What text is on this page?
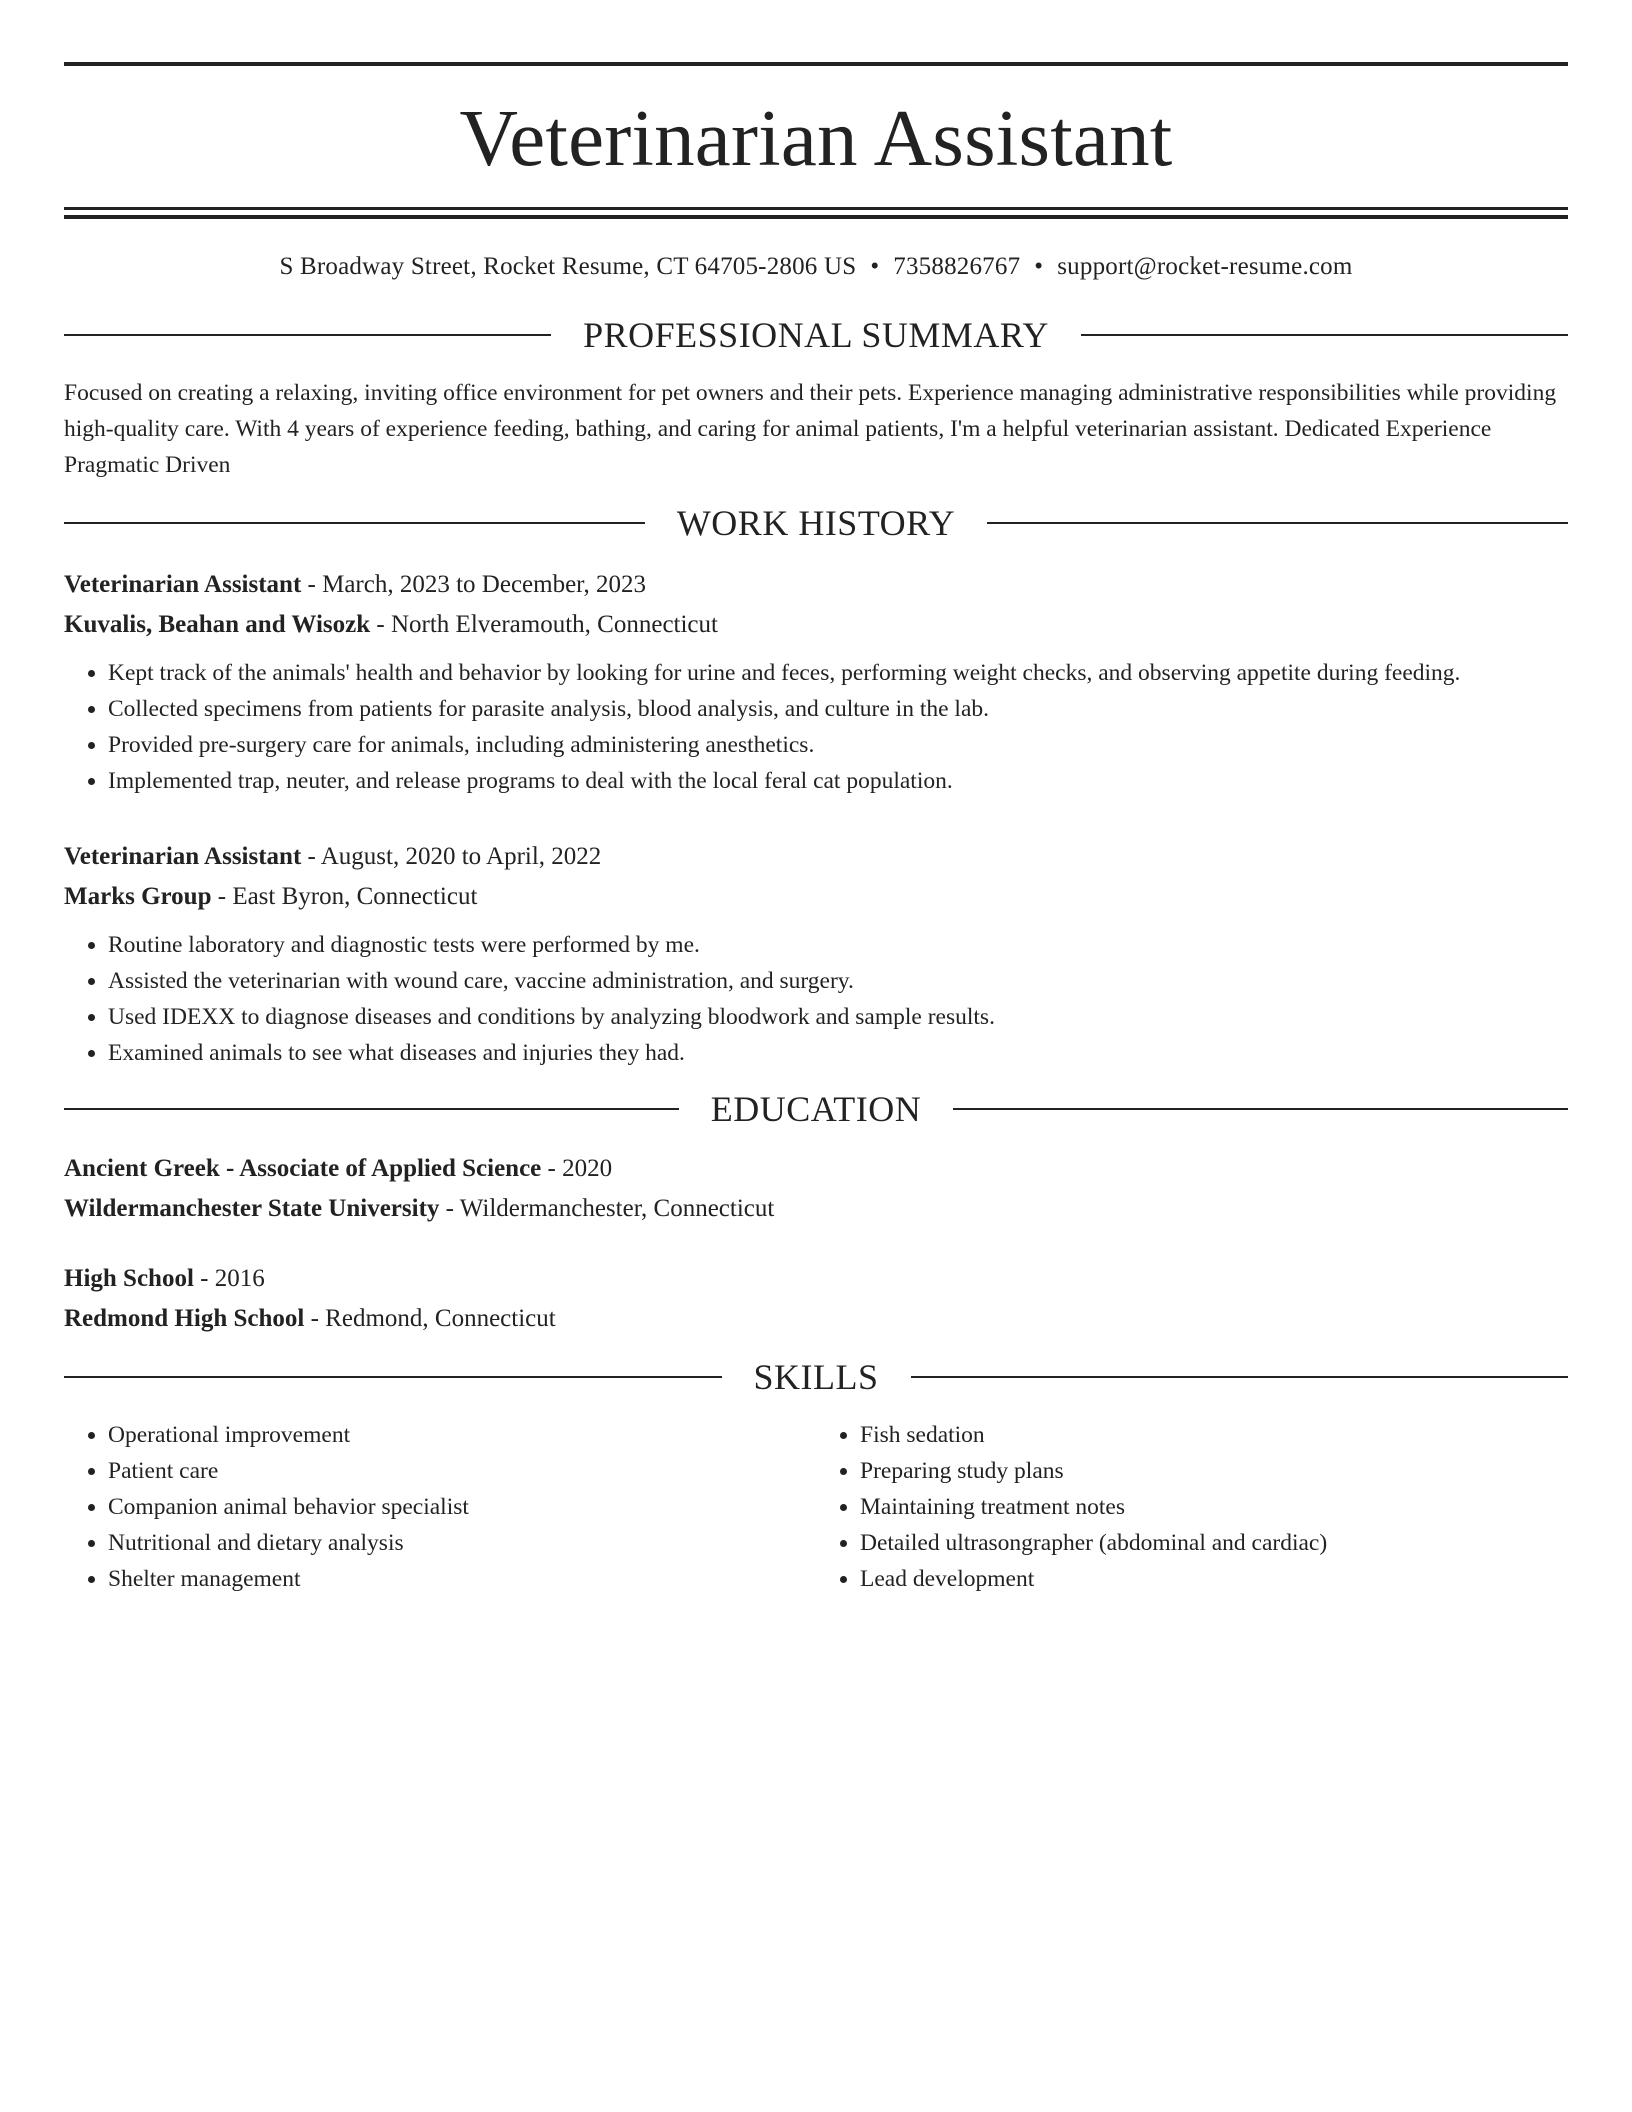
Veterinarian Assistant
S Broadway Street, Rocket Resume, CT 64705-2806 US • 7358826767 • support@rocket-resume.com
PROFESSIONAL SUMMARY
Focused on creating a relaxing, inviting office environment for pet owners and their pets. Experience managing administrative responsibilities while providing high-quality care. With 4 years of experience feeding, bathing, and caring for animal patients, I'm a helpful veterinarian assistant. Dedicated Experience Pragmatic Driven
WORK HISTORY
Veterinarian Assistant - March, 2023 to December, 2023
Kuvalis, Beahan and Wisozk - North Elveramouth, Connecticut
• Kept track of the animals' health and behavior by looking for urine and feces, performing weight checks, and observing appetite during feeding.
• Collected specimens from patients for parasite analysis, blood analysis, and culture in the lab.
• Provided pre-surgery care for animals, including administering anesthetics.
• Implemented trap, neuter, and release programs to deal with the local feral cat population.
Veterinarian Assistant - August, 2020 to April, 2022
Marks Group - East Byron, Connecticut
• Routine laboratory and diagnostic tests were performed by me.
• Assisted the veterinarian with wound care, vaccine administration, and surgery.
• Used IDEXX to diagnose diseases and conditions by analyzing bloodwork and sample results.
• Examined animals to see what diseases and injuries they had.
EDUCATION
Ancient Greek - Associate of Applied Science - 2020
Wildermanchester State University - Wildermanchester, Connecticut
High School - 2016
Redmond High School - Redmond, Connecticut
SKILLS
• Operational improvement
• Patient care
• Companion animal behavior specialist
• Nutritional and dietary analysis
• Shelter management
• Fish sedation
• Preparing study plans
• Maintaining treatment notes
• Detailed ultrasongrapher (abdominal and cardiac)
• Lead development
